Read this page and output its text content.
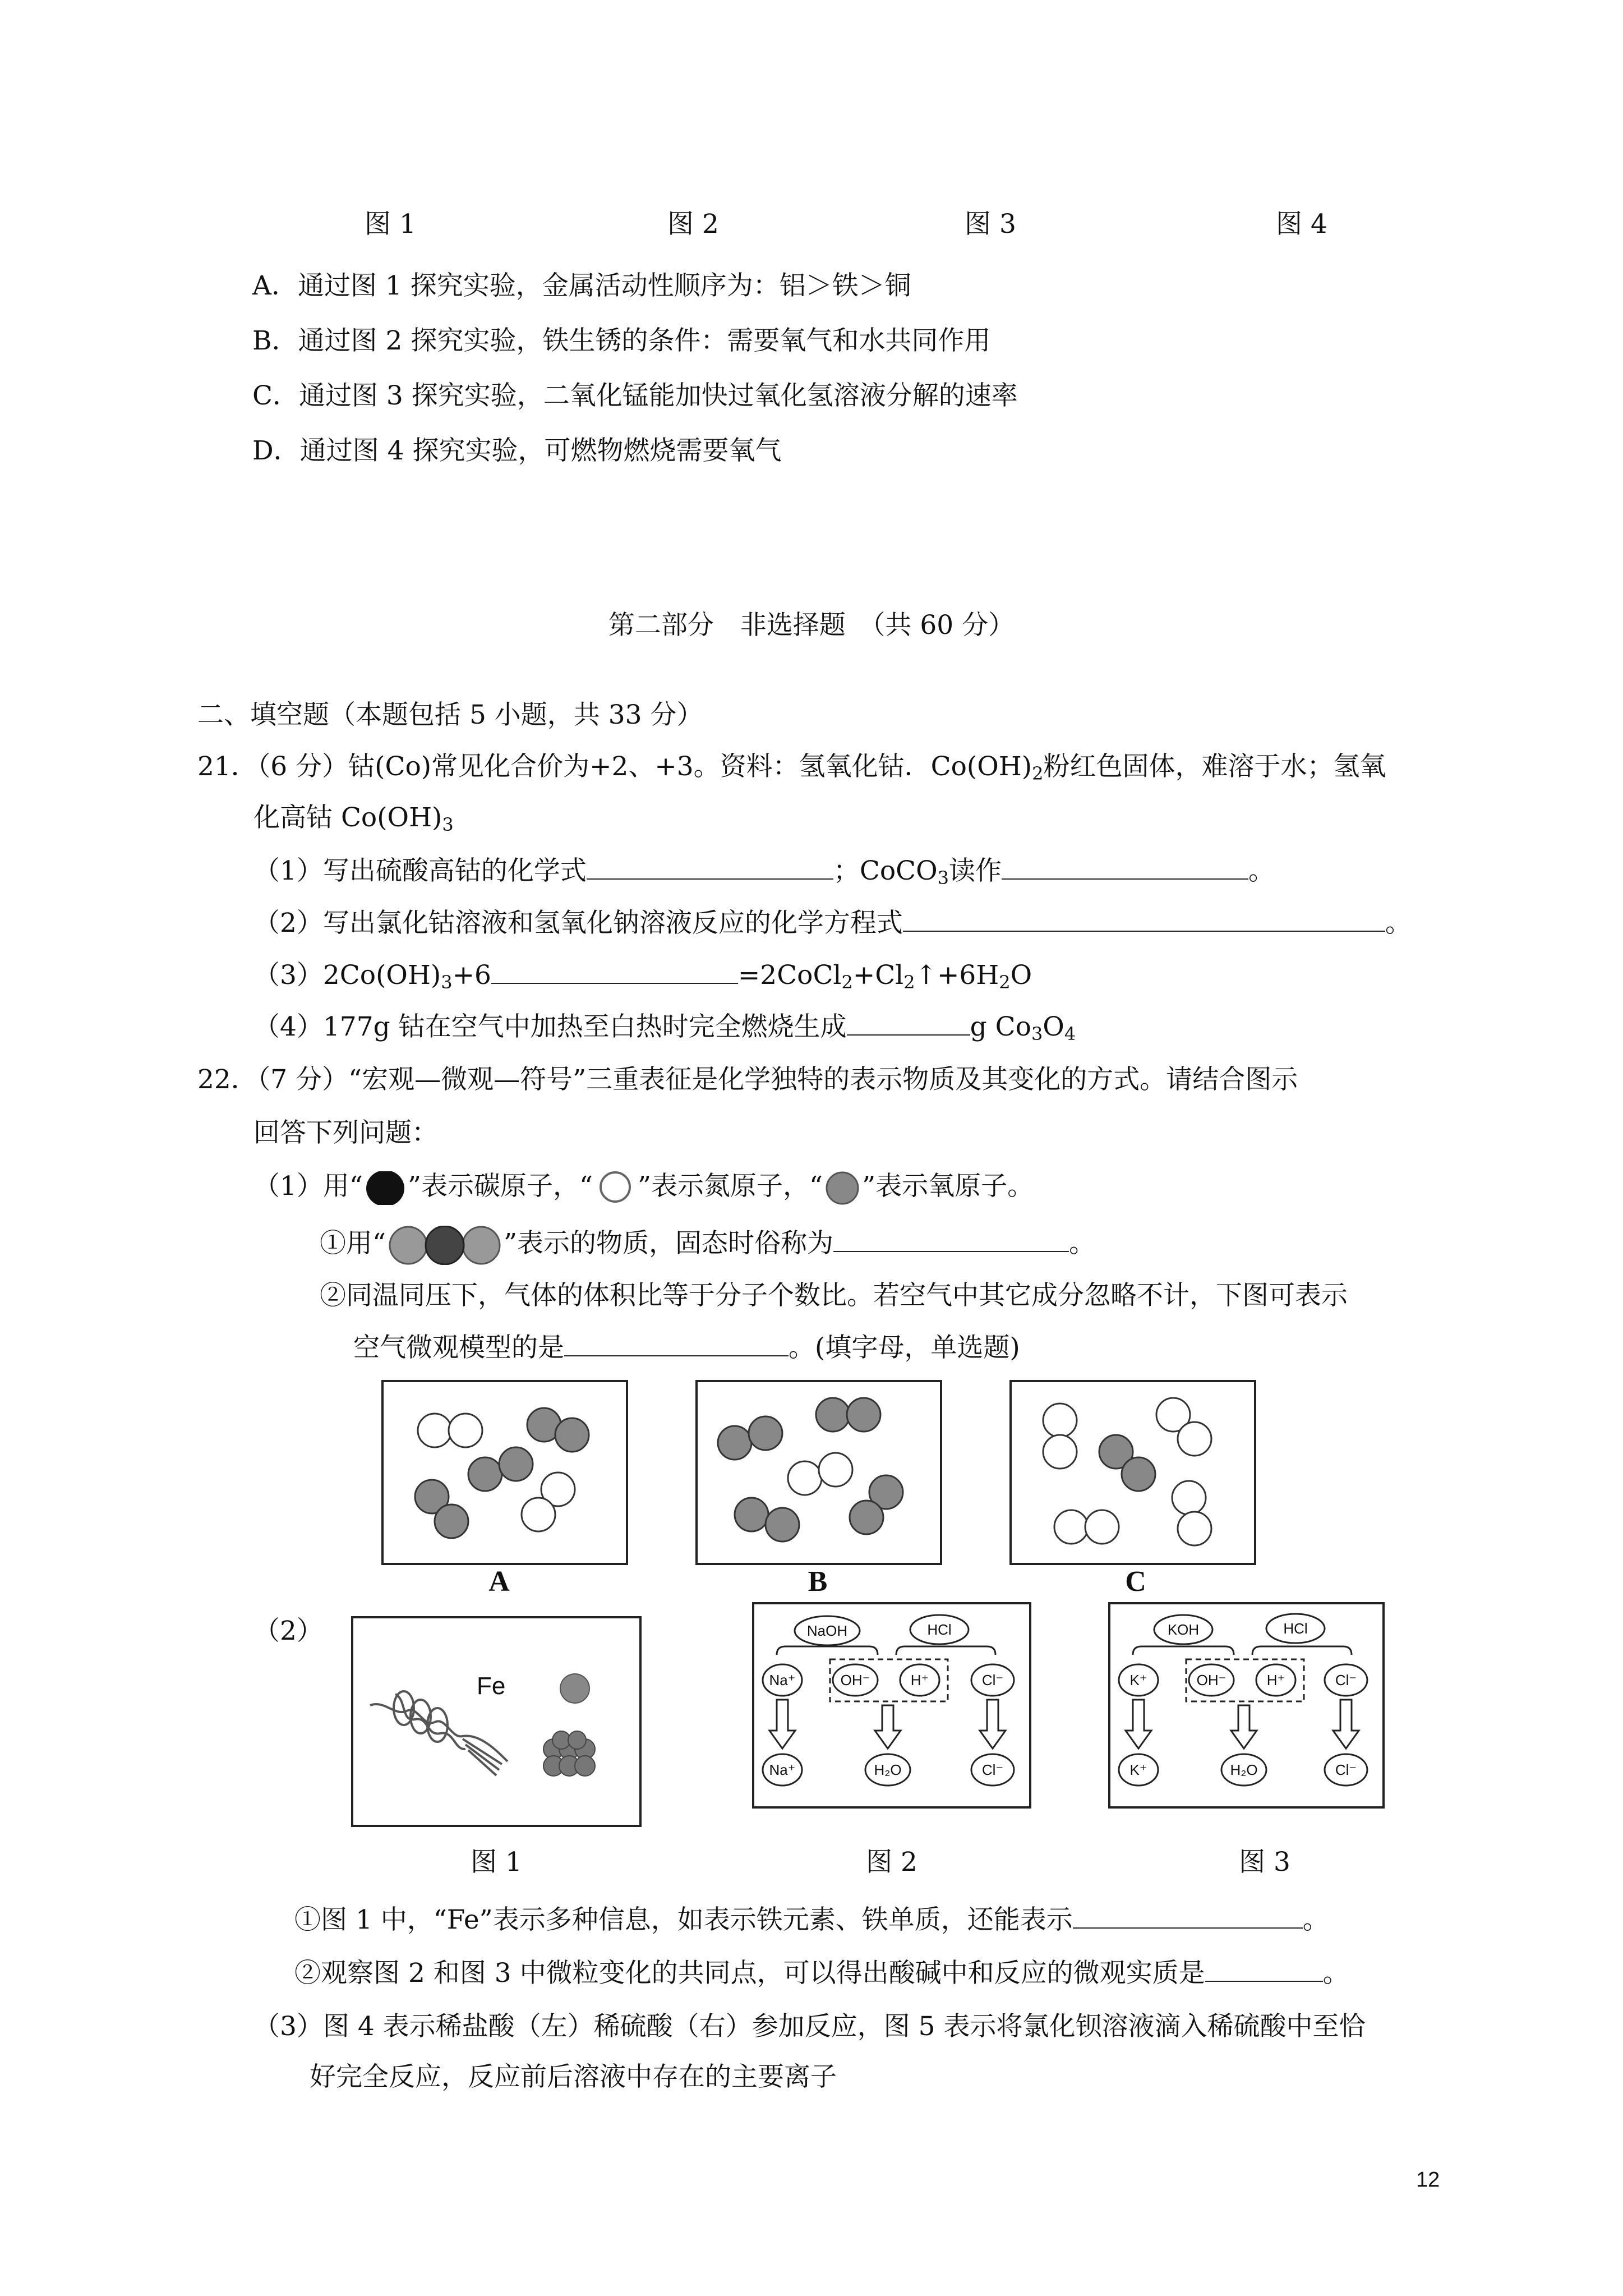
图 1	图 2	图 3	图 4
A．通过图 1 探究实验，金属活动性顺序为：铝＞铁＞铜
B．通过图 2 探究实验，铁生锈的条件：需要氧气和水共同作用
C．通过图 3 探究实验，二氧化锰能加快过氧化氢溶液分解的速率
D．通过图 4 探究实验，可燃物燃烧需要氧气
第二部分　非选择题　（共 60 分）
二、填空题（本题包括 5 小题，共 33 分）
21．（6 分）钴(Co)常见化合价为+2、+3。资料：氢氧化钴．$Co(OH)_2$粉红色固体，难溶于水；氢氧
化高钴 $Co(OH)_3$
（1）写出硫酸高钴的化学式	；CoCO$_3$读作	。
（2）写出氯化钴溶液和氢氧化钠溶液反应的化学方程式	。
$(3)2Co(OH)_3+6$	$=2CoCl_2+Cl_2↑+6H_2O$
（4）177g 钴在空气中加热至白热时完全燃烧生成	g $Co_3O_4$
22．（7 分）“宏观—微观—符号”三重表征是化学独特的表示物质及其变化的方式。请结合图示
回答下列问题：
（1）用“ ”表示碳原子，“ ”表示氮原子，“ ”表示氧原子。
①用“	”表示的物质，固态时俗称为	。
②同温同压下，气体的体积比等于分子个数比。若空气中其它成分忽略不计，下图可表示
空气微观模型的是	。(填字母，单选题)
A	B	C
（2）
Fe
NaOH	HCl
Na⁺	OH⁻	H⁺	Cl⁻
Na⁺	H₂O	Cl⁻
KOH	HCl
K⁺	OH⁻	H⁺	Cl⁻
K⁺	H₂O	Cl⁻
图 1	图 2	图 3
①图 1 中，“Fe”表示多种信息，如表示铁元素、铁单质，还能表示	。
②观察图 2 和图 3 中微粒变化的共同点，可以得出酸碱中和反应的微观实质是	。
（3）图 4 表示稀盐酸（左）稀硫酸（右）参加反应，图 5 表示将氯化钡溶液滴入稀硫酸中至恰
好完全反应，反应前后溶液中存在的主要离子
12
